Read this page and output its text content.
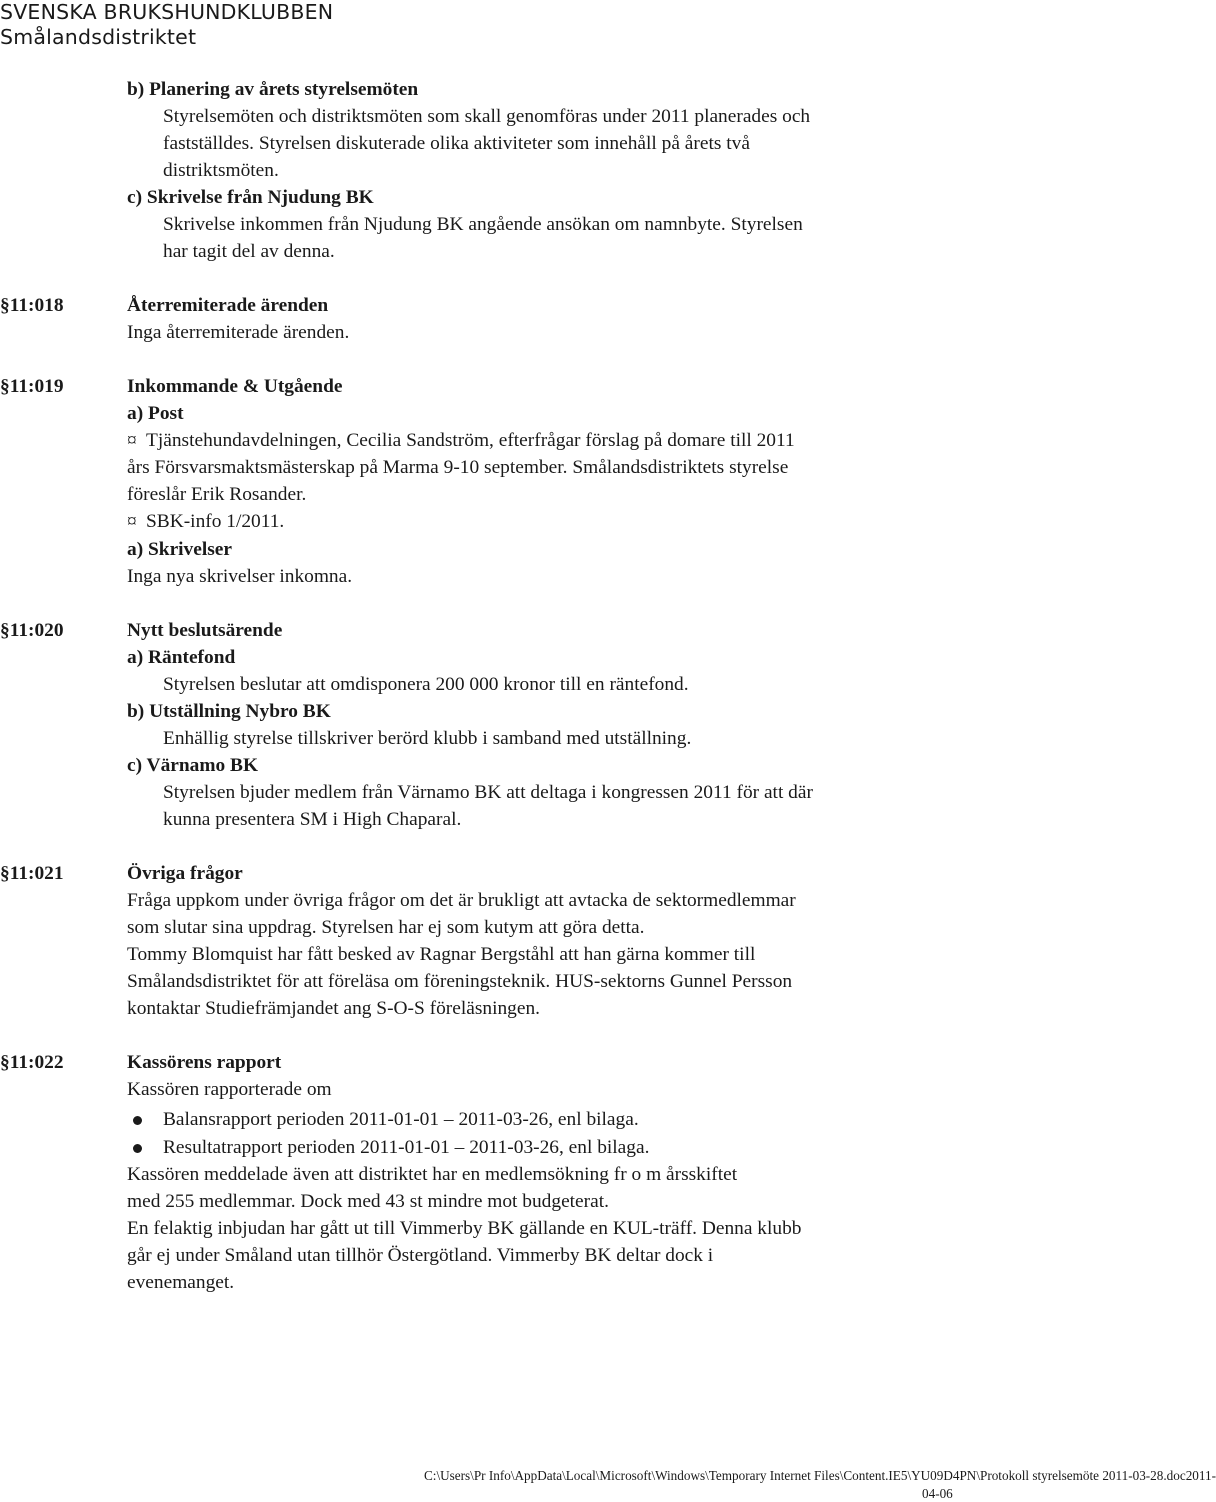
SVENSKA BRUKSHUNDKLUBBEN
Smålandsdistriktet
b) Planering av årets styrelsemöten
Styrelsemöten och distriktsmöten som skall genomföras under 2011 planerades och
fastställdes. Styrelsen diskuterade olika aktiviteter som innehåll på årets två
distriktsmöten.
c) Skrivelse från Njudung BK
Skrivelse inkommen från Njudung BK angående ansökan om namnbyte. Styrelsen
har tagit del av denna.
§11:018	Återremiterade ärenden
Inga återremiterade ärenden.
§11:019	Inkommande & Utgående
a) Post
¤ Tjänstehundavdelningen, Cecilia Sandström, efterfrågar förslag på domare till 2011
års Försvarsmaktsmästerskap på Marma 9-10 september. Smålandsdistriktets styrelse
föreslår Erik Rosander.
¤ SBK-info 1/2011.
a) Skrivelser
Inga nya skrivelser inkomna.
§11:020	Nytt beslutsärende
a) Räntefond
Styrelsen beslutar att omdisponera 200 000 kronor till en räntefond.
b) Utställning Nybro BK
Enhällig styrelse tillskriver berörd klubb i samband med utställning.
c) Värnamo BK
Styrelsen bjuder medlem från Värnamo BK att deltaga i kongressen 2011 för att där
kunna presentera SM i High Chaparal.
§11:021	Övriga frågor
Fråga uppkom under övriga frågor om det är brukligt att avtacka de sektormedlemmar
som slutar sina uppdrag. Styrelsen har ej som kutym att göra detta.
Tommy Blomquist har fått besked av Ragnar Bergståhl att han gärna kommer till
Smålandsdistriktet för att föreläsa om föreningsteknik. HUS-sektorns Gunnel Persson
kontaktar Studiefrämjandet ang S-O-S föreläsningen.
§11:022	Kassörens rapport
Kassören rapporterade om
Balansrapport perioden 2011-01-01 – 2011-03-26, enl bilaga.
Resultatrapport perioden 2011-01-01 – 2011-03-26, enl bilaga.
Kassören meddelade även att distriktet har en medlemsökning fr o m årsskiftet
med 255 medlemmar. Dock med 43 st mindre mot budgeterat.
En felaktig inbjudan har gått ut till Vimmerby BK gällande en KUL-träff. Denna klubb
går ej under Småland utan tillhör Östergötland. Vimmerby BK deltar dock i
evenemanget.
C:\Users\Pr Info\AppData\Local\Microsoft\Windows\Temporary Internet Files\Content.IE5\YU09D4PN\Protokoll styrelsemöte 2011-03-28.doc2011-
04-06
